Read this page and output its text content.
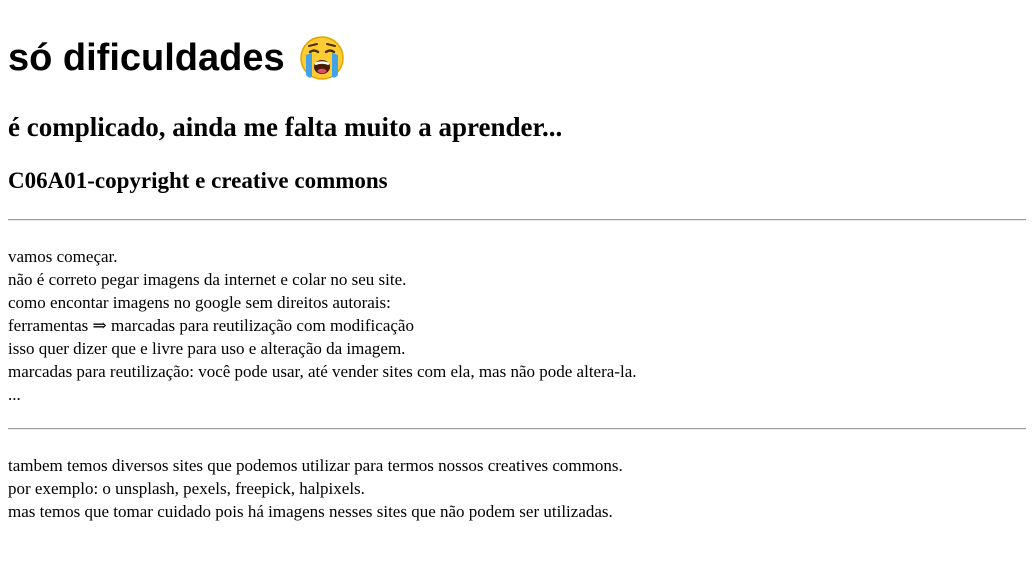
só dificuldades
é complicado, ainda me falta muito a aprender...
C06A01-copyright e creative commons

vamos começar.
não é correto pegar imagens da internet e colar no seu site.
como encontar imagens no google sem direitos autorais:
ferramentas ⇒ marcadas para reutilização com modificação
isso quer dizer que e livre para uso e alteração da imagem.
marcadas para reutilização: você pode usar, até vender sites com ela, mas não pode altera-la.
...

tambem temos diversos sites que podemos utilizar para termos nossos creatives commons.
por exemplo: o unsplash, pexels, freepick, halpixels.
mas temos que tomar cuidado pois há imagens nesses sites que não podem ser utilizadas.
